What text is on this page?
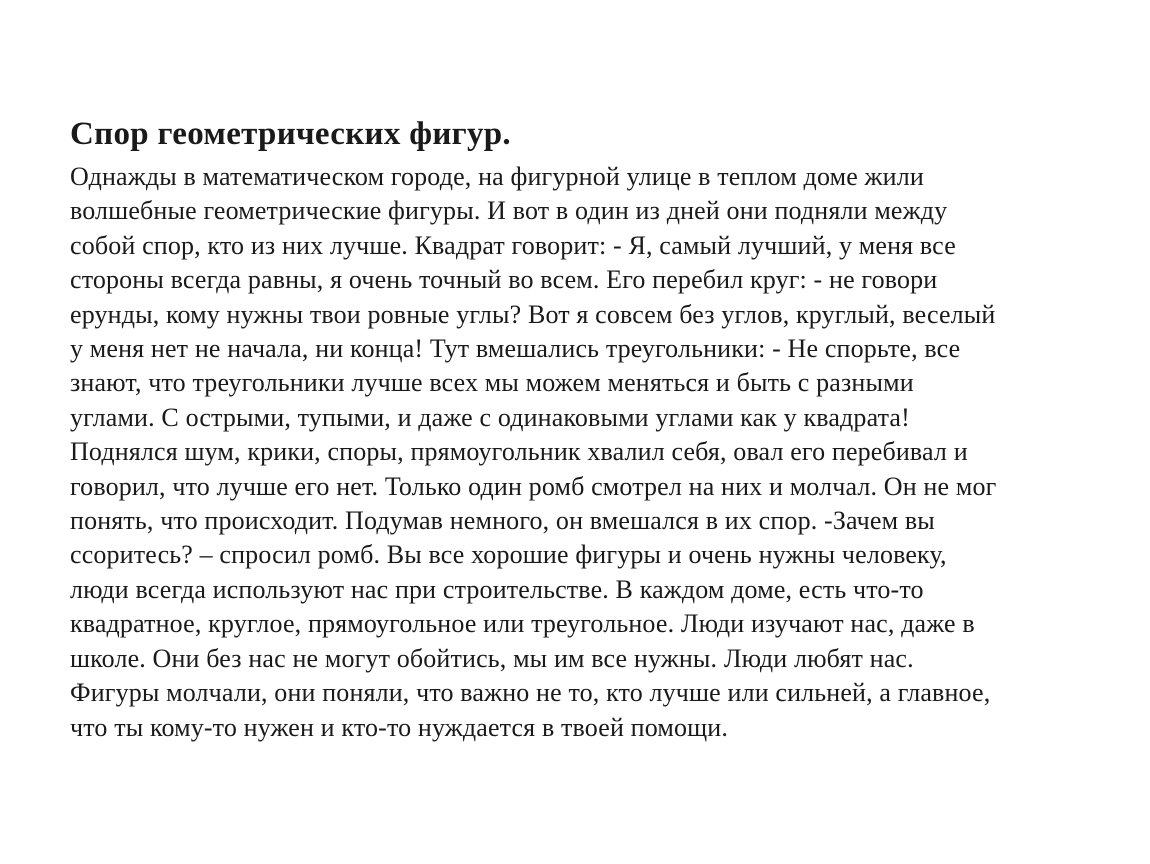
Спор геометрических фигур.
Однажды в математическом городе, на фигурной улице в теплом доме жили
волшебные геометрические фигуры. И вот в один из дней они подняли между
собой спор, кто из них лучше. Квадрат говорит: - Я, самый лучший, у меня все
стороны всегда равны, я очень точный во всем. Его перебил круг: - не говори
ерунды, кому нужны твои ровные углы? Вот я совсем без углов, круглый, веселый
у меня нет не начала, ни конца! Тут вмешались треугольники: - Не спорьте, все
знают, что треугольники лучше всех мы можем меняться и быть с разными
углами. С острыми, тупыми, и даже с одинаковыми углами как у квадрата!
Поднялся шум, крики, споры, прямоугольник хвалил себя, овал его перебивал и
говорил, что лучше его нет. Только один ромб смотрел на них и молчал. Он не мог
понять, что происходит. Подумав немного, он вмешался в их спор. -Зачем вы
ссоритесь? – спросил ромб. Вы все хорошие фигуры и очень нужны человеку,
люди всегда используют нас при строительстве. В каждом доме, есть что-то
квадратное, круглое, прямоугольное или треугольное. Люди изучают нас, даже в
школе. Они без нас не могут обойтись, мы им все нужны. Люди любят нас.
Фигуры молчали, они поняли, что важно не то, кто лучше или сильней, а главное,
что ты кому-то нужен и кто-то нуждается в твоей помощи.
